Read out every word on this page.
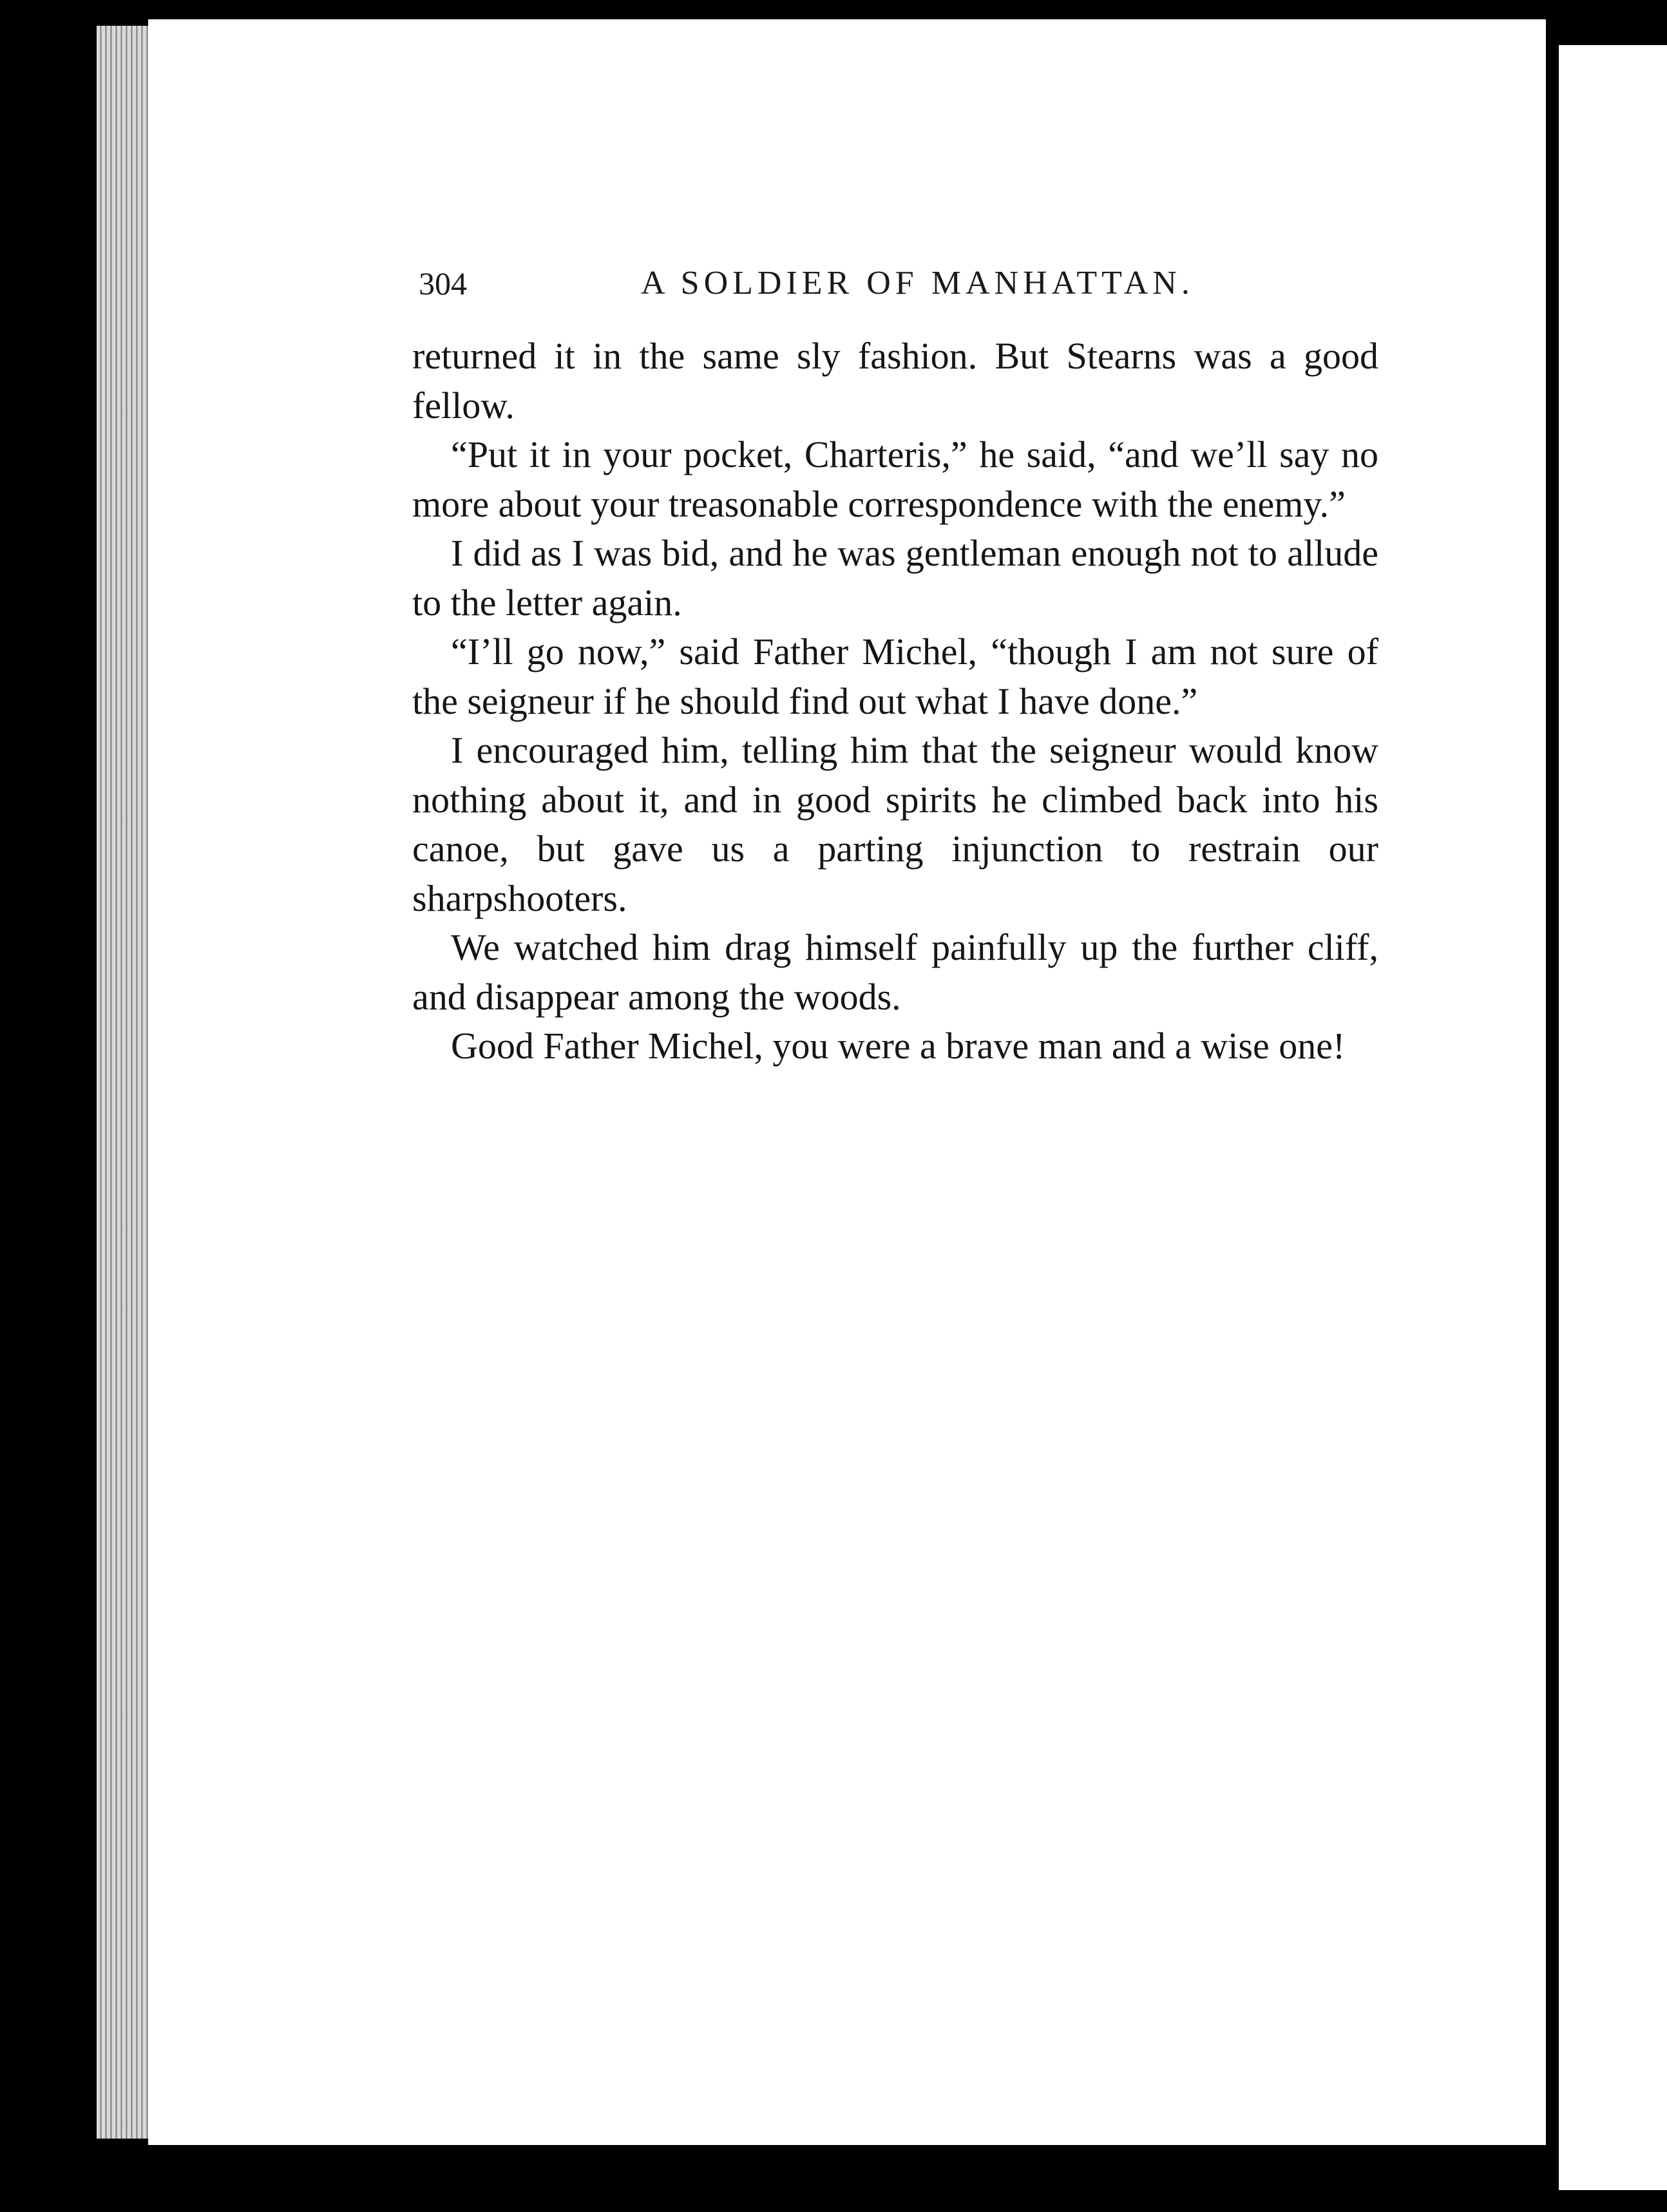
304	A SOLDIER OF MANHATTAN.

returned it in the same sly fashion. But Stearns was a good fellow.

“Put it in your pocket, Charteris,” he said, “and we’ll say no more about your treasonable correspondence with the enemy.”

I did as I was bid, and he was gentleman enough not to allude to the letter again.

“I’ll go now,” said Father Michel, “though I am not sure of the seigneur if he should find out what I have done.”

I encouraged him, telling him that the seigneur would know nothing about it, and in good spirits he climbed back into his canoe, but gave us a parting injunction to restrain our sharpshooters.

We watched him drag himself painfully up the further cliff, and disappear among the woods.

Good Father Michel, you were a brave man and a wise one!
